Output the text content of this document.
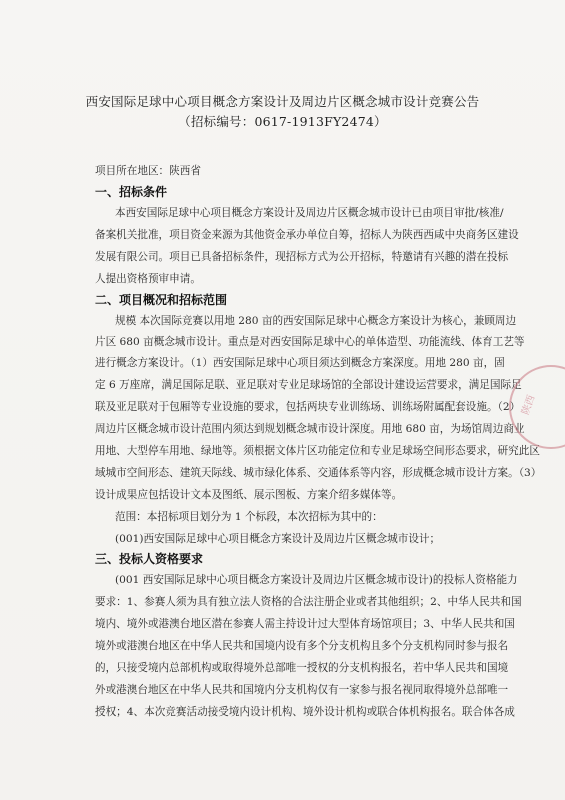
西安国际足球中心项目概念方案设计及周边片区概念城市设计竞赛公告
（招标编号：0617-1913FY2474）
项目所在地区：陕西省
一、招标条件
本西安国际足球中心项目概念方案设计及周边片区概念城市设计已由项目审批/核准/
备案机关批准，项目资金来源为其他资金承办单位自筹，招标人为陕西西咸中央商务区建设
发展有限公司。项目已具备招标条件，现招标方式为公开招标，特邀请有兴趣的潜在投标
人提出资格预审申请。
二、项目概况和招标范围
规模 本次国际竞赛以用地 280 亩的西安国际足球中心概念方案设计为核心，兼顾周边
片区 680 亩概念城市设计。重点是对西安国际足球中心的单体造型、功能流线、体育工艺等
进行概念方案设计。（1）西安国际足球中心项目须达到概念方案深度。用地 280 亩，固
定 6 万座席，满足国际足联、亚足联对专业足球场馆的全部设计建设运营要求，满足国际足
联及亚足联对于包厢等专业设施的要求，包括两块专业训练场、训练场附属配套设施。（2）
周边片区概念城市设计范围内须达到规划概念城市设计深度。用地 680 亩，为场馆周边商业
用地、大型停车用地、绿地等。须根据文体片区功能定位和专业足球场空间形态要求，研究此区
域城市空间形态、建筑天际线、城市绿化体系、交通体系等内容，形成概念城市设计方案。（3）
设计成果应包括设计文本及图纸、展示图板、方案介绍多媒体等。
范围：本招标项目划分为 1 个标段，本次招标为其中的：
(001)西安国际足球中心项目概念方案设计及周边片区概念城市设计；
三、投标人资格要求
(001 西安国际足球中心项目概念方案设计及周边片区概念城市设计)的投标人资格能力
要求：1、参赛人须为具有独立法人资格的合法注册企业或者其他组织；2、中华人民共和国
境内、境外或港澳台地区潜在参赛人需主持设计过大型体育场馆项目；3、中华人民共和国
境外或港澳台地区在中华人民共和国境内设有多个分支机构且多个分支机构同时参与报名
的，只接受境内总部机构或取得境外总部唯一授权的分支机构报名，若中华人民共和国境
外或港澳台地区在中华人民共和国境内分支机构仅有一家参与报名视同取得境外总部唯一
授权；4、本次竞赛活动接受境内设计机构、境外设计机构或联合体机构报名。联合体各成
陕西
